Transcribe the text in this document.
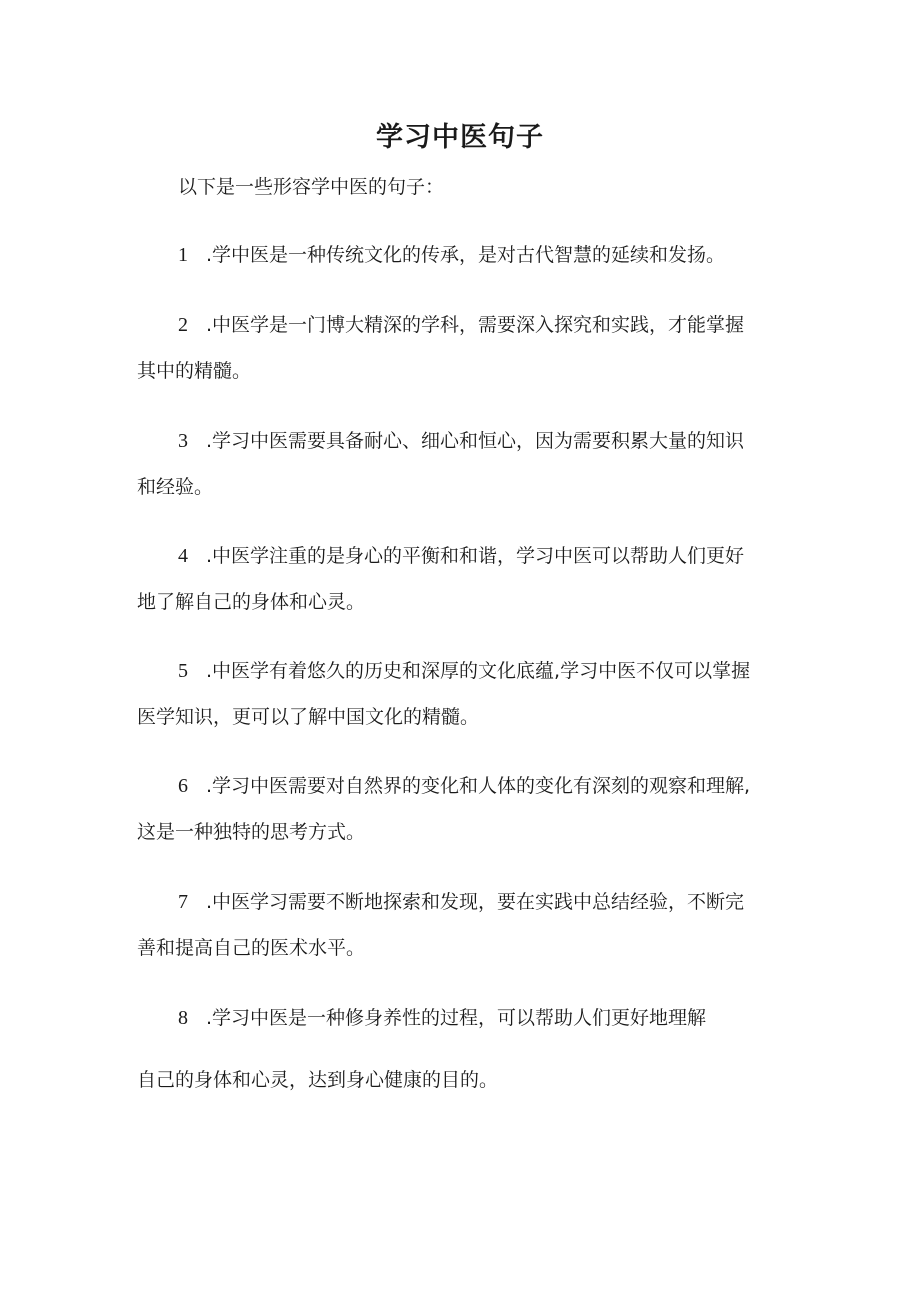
学习中医句子

以下是一些形容学中医的句子：

1 .学中医是一种传统文化的传承，是对古代智慧的延续和发扬。
2 .中医学是一门博大精深的学科，需要深入探究和实践，才能掌握
其中的精髓。
3 .学习中医需要具备耐心、细心和恒心，因为需要积累大量的知识
和经验。
4 .中医学注重的是身心的平衡和和谐，学习中医可以帮助人们更好
地了解自己的身体和心灵。
5 .中医学有着悠久的历史和深厚的文化底蕴,学习中医不仅可以掌握
医学知识，更可以了解中国文化的精髓。
6 .学习中医需要对自然界的变化和人体的变化有深刻的观察和理解,
这是一种独特的思考方式。
7 .中医学习需要不断地探索和发现，要在实践中总结经验，不断完
善和提高自己的医术水平。
8 .学习中医是一种修身养性的过程，可以帮助人们更好地理解
自己的身体和心灵，达到身心健康的目的。
